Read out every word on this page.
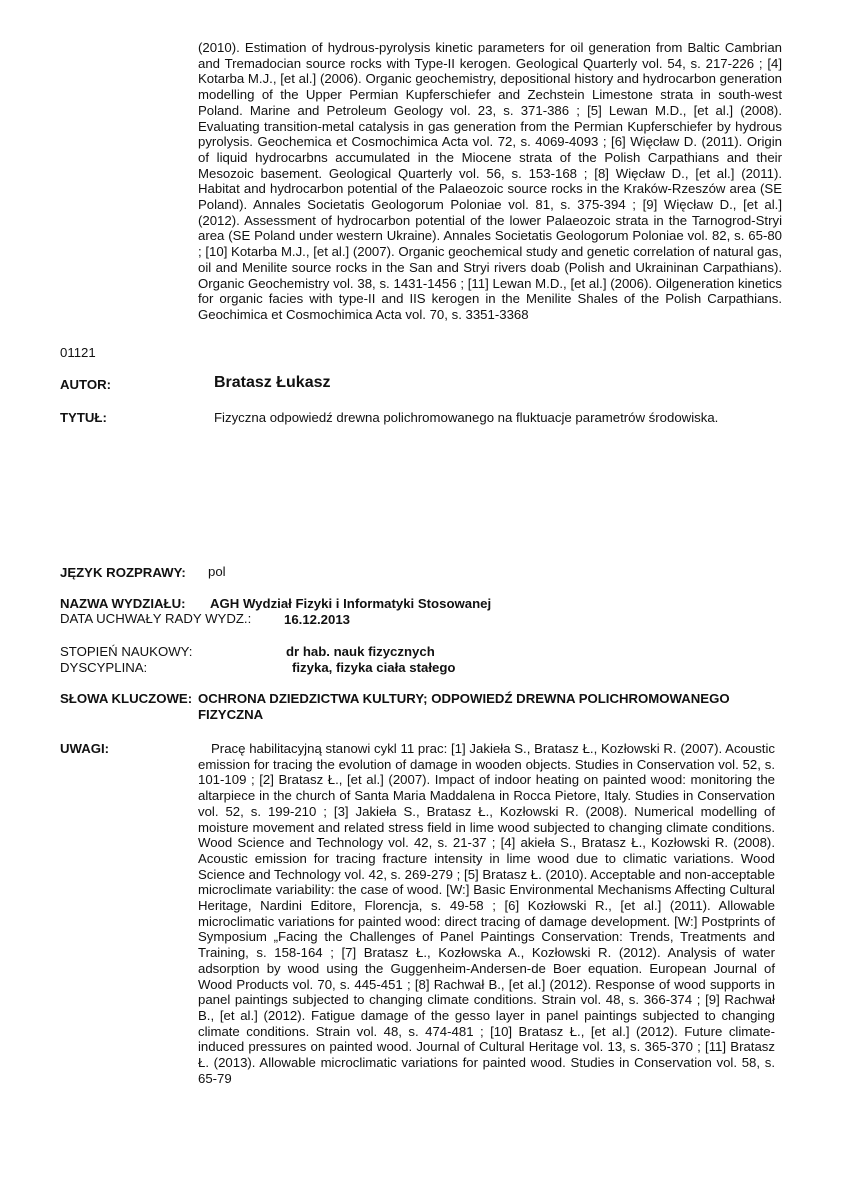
(2010). Estimation of hydrous-pyrolysis kinetic parameters for oil generation from Baltic Cambrian and Tremadocian source rocks with Type-II kerogen. Geological Quarterly vol. 54, s. 217-226 ; [4] Kotarba M.J., [et al.] (2006). Organic geochemistry, depositional history and hydrocarbon generation modelling of the Upper Permian Kupferschiefer and Zechstein Limestone strata in south-west Poland. Marine and Petroleum Geology vol. 23, s. 371-386 ; [5] Lewan M.D., [et al.] (2008). Evaluating transition-metal catalysis in gas generation from the Permian Kupferschiefer by hydrous pyrolysis. Geochemica et Cosmochimica Acta vol. 72, s. 4069-4093 ; [6] Więcław D. (2011). Origin of liquid hydrocarbns accumulated in the Miocene strata of the Polish Carpathians and their Mesozoic basement. Geological Quarterly vol. 56, s. 153-168 ; [8] Więcław D., [et al.] (2011). Habitat and hydrocarbon potential of the Palaeozoic source rocks in the Kraków-Rzeszów area (SE Poland). Annales Societatis Geologorum Poloniae vol. 81, s. 375-394 ; [9] Więcław D., [et al.] (2012). Assessment of hydrocarbon potential of the lower Palaeozoic strata in the Tarnogrod-Stryi area (SE Poland under western Ukraine). Annales Societatis Geologorum Poloniae vol. 82, s. 65-80 ; [10] Kotarba M.J., [et al.] (2007). Organic geochemical study and genetic correlation of natural gas, oil and Menilite source rocks in the San and Stryi rivers doab (Polish and Ukraininan Carpathians). Organic Geochemistry vol. 38, s. 1431-1456 ; [11] Lewan M.D., [et al.] (2006). Oilgeneration kinetics for organic facies with type-II and IIS kerogen in the Menilite Shales of the Polish Carpathians. Geochimica et Cosmochimica Acta vol. 70, s. 3351-3368
01121
AUTOR:	Bratasz Łukasz
TYTUŁ:	Fizyczna odpowiedź drewna polichromowanego na fluktuacje parametrów środowiska.
JĘZYK ROZPRAWY: pol
NAZWA WYDZIAŁU: AGH Wydział Fizyki i Informatyki Stosowanej
DATA UCHWAŁY RADY WYDZ.: 16.12.2013
STOPIEŃ NAUKOWY:	dr hab. nauk fizycznych
DYSCYPLINA:	fizyka, fizyka ciała stałego
SŁOWA KLUCZOWE: OCHRONA DZIEDZICTWA KULTURY; ODPOWIEDŹ DREWNA POLICHROMOWANEGO FIZYCZNA
UWAGI:	Pracę habilitacyjną stanowi cykl 11 prac: [1] Jakieła S., Bratasz Ł., Kozłowski R. (2007). Acoustic emission for tracing the evolution of damage in wooden objects. Studies in Conservation vol. 52, s. 101-109 ; [2] Bratasz Ł., [et al.] (2007). Impact of indoor heating on painted wood: monitoring the altarpiece in the church of Santa Maria Maddalena in Rocca Pietore, Italy. Studies in Conservation vol. 52, s. 199-210 ; [3] Jakieła S., Bratasz Ł., Kozłowski R. (2008). Numerical modelling of moisture movement and related stress field in lime wood subjected to changing climate conditions. Wood Science and Technology vol. 42, s. 21-37 ; [4] akieła S., Bratasz Ł., Kozłowski R. (2008). Acoustic emission for tracing fracture intensity in lime wood due to climatic variations. Wood Science and Technology vol. 42, s. 269-279 ; [5] Bratasz Ł. (2010). Acceptable and non-acceptable microclimate variability: the case of wood. [W:] Basic Environmental Mechanisms Affecting Cultural Heritage, Nardini Editore, Florencja, s. 49-58 ; [6] Kozłowski R., [et al.] (2011). Allowable microclimatic variations for painted wood: direct tracing of damage development. [W:] Postprints of Symposium „Facing the Challenges of Panel Paintings Conservation: Trends, Treatments and Training, s. 158-164 ; [7] Bratasz Ł., Kozłowska A., Kozłowski R. (2012). Analysis of water adsorption by wood using the Guggenheim-Andersen-de Boer equation. European Journal of Wood Products vol. 70, s. 445-451 ; [8] Rachwał B., [et al.] (2012). Response of wood supports in panel paintings subjected to changing climate conditions. Strain vol. 48, s. 366-374 ; [9] Rachwał B., [et al.] (2012). Fatigue damage of the gesso layer in panel paintings subjected to changing climate conditions. Strain vol. 48, s. 474-481 ; [10] Bratasz Ł., [et al.] (2012). Future climate-induced pressures on painted wood. Journal of Cultural Heritage vol. 13, s. 365-370 ; [11] Bratasz Ł. (2013). Allowable microclimatic variations for painted wood. Studies in Conservation vol. 58, s. 65-79
